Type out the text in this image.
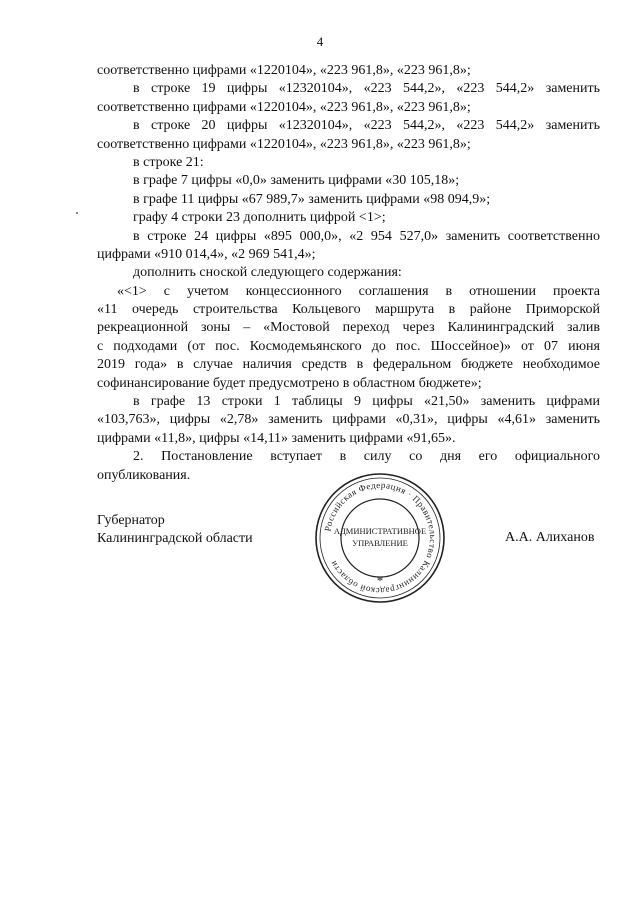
4
соответственно цифрами «1220104», «223 961,8», «223 961,8»;
в строке 19 цифры «12320104», «223 544,2», «223 544,2» заменить
соответственно цифрами «1220104», «223 961,8», «223 961,8»;
в строке 20 цифры «12320104», «223 544,2», «223 544,2» заменить
соответственно цифрами «1220104», «223 961,8», «223 961,8»;
в строке 21:
в графе 7 цифры «0,0» заменить цифрами «30 105,18»;
в графе 11 цифры «67 989,7» заменить цифрами «98 094,9»;
графу 4 строки 23 дополнить цифрой <1>;
в строке 24 цифры «895 000,0», «2 954 527,0» заменить соответственно
цифрами «910 014,4», «2 969 541,4»;
дополнить сноской следующего содержания:
«<1> с учетом концессионного соглашения в отношении проекта
«11 очередь строительства Кольцевого маршрута в районе Приморской
рекреационной зоны – «Мостовой переход через Калининградский залив
с подходами (от пос. Космодемьянского до пос. Шоссейное)» от 07 июня
2019 года» в случае наличия средств в федеральном бюджете необходимое
софинансирование будет предусмотрено в областном бюджете»;
в графе 13 строки 1 таблицы 9 цифры «21,50» заменить цифрами
«103,763», цифры «2,78» заменить цифрами «0,31», цифры «4,61» заменить
цифрами «11,8», цифры «14,11» заменить цифрами «91,65».
2. Постановление вступает в силу со дня его официального
опубликования.
Губернатор
Калининградской области
Российская Федерация · Правительство Калининградской области
АДМИНИСТРАТИВНОЕ
УПРАВЛЕНИЕ
*
А.А. Алиханов
